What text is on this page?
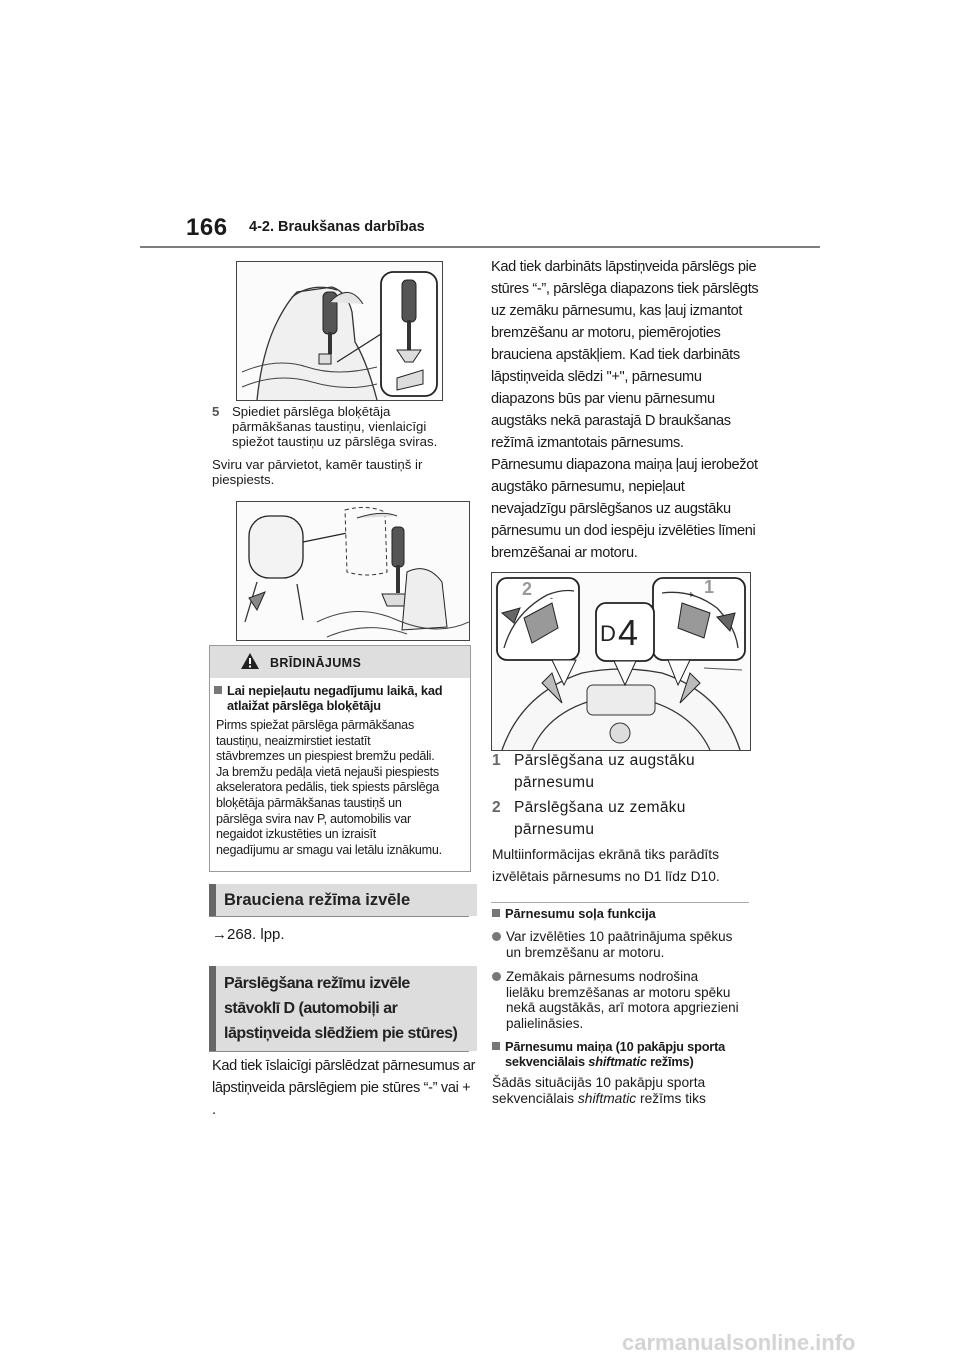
166 4-2. Braukšanas darbības
5 Spiediet pārslēga bloķētāja
pārmākšanas taustiņu, vienlaicīgi
spiežot taustiņu uz pārslēga sviras.
Sviru var pārvietot, kamēr taustiņš ir
piespiests.
BRĪDINĀJUMS
Lai nepieļautu negadījumu laikā, kad
atlaižat pārslēga bloķētāju
Pirms spiežat pārslēga pārmākšanas
taustiņu, neaizmirstiet iestatīt
stāvbremzes un piespiest bremžu pedāli.
Ja bremžu pedāļa vietā nejauši piespiests
akseleratora pedālis, tiek spiests pārslēga
bloķētāja pārmākšanas taustiņš un
pārslēga svira nav P, automobilis var
negaidot izkustēties un izraisīt
negadījumu ar smagu vai letālu iznākumu.
Brauciena režīma izvēle
→268. lpp.
Pārslēgšana režīmu izvēle
stāvoklī D (automobiļi ar
lāpstiņveida slēdžiem pie stūres)
Kad tiek īslaicīgi pārslēdzat pārnesumus ar
lāpstiņveida pārslēgiem pie stūres “-” vai + .
Kad tiek darbināts lāpstiņveida pārslēgs pie
stūres “-”, pārslēga diapazons tiek pārslēgts
uz zemāku pārnesumu, kas ļauj izmantot
bremzēšanu ar motoru, piemērojoties
brauciena apstākļiem. Kad tiek darbināts
lāpstiņveida slēdzi "+", pārnesumu
diapazons būs par vienu pārnesumu
augstāks nekā parastajā D braukšanas
režīmā izmantotais pārnesums.
Pārnesumu diapazona maiņa ļauj ierobežot
augstāko pārnesumu, nepieļaut
nevajadzīgu pārslēgšanos uz augstāku
pārnesumu un dod iespēju izvēlēties līmeni
bremzēšanai ar motoru.
-
2	+ 1
D 4
1 Pārslēgšana uz augstāku
pārnesumu
2 Pārslēgšana uz zemāku
pārnesumu
Multiinformācijas ekrānā tiks parādīts
izvēlētais pārnesums no D1 līdz D10.
Pārnesumu soļa funkcija
Var izvēlēties 10 paātrinājuma spēkus
un bremzēšanu ar motoru.
Zemākais pārnesums nodrošina
lielāku bremzēšanas ar motoru spēku
nekā augstākās, arī motora apgriezieni
palielināsies.
Pārnesumu maiņa (10 pakāpju sporta
sekvenciālais shiftmatic režīms)
Šādās situācijās 10 pakāpju sporta
sekvenciālais shiftmatic režīms tiks
carmanualsonline.info
